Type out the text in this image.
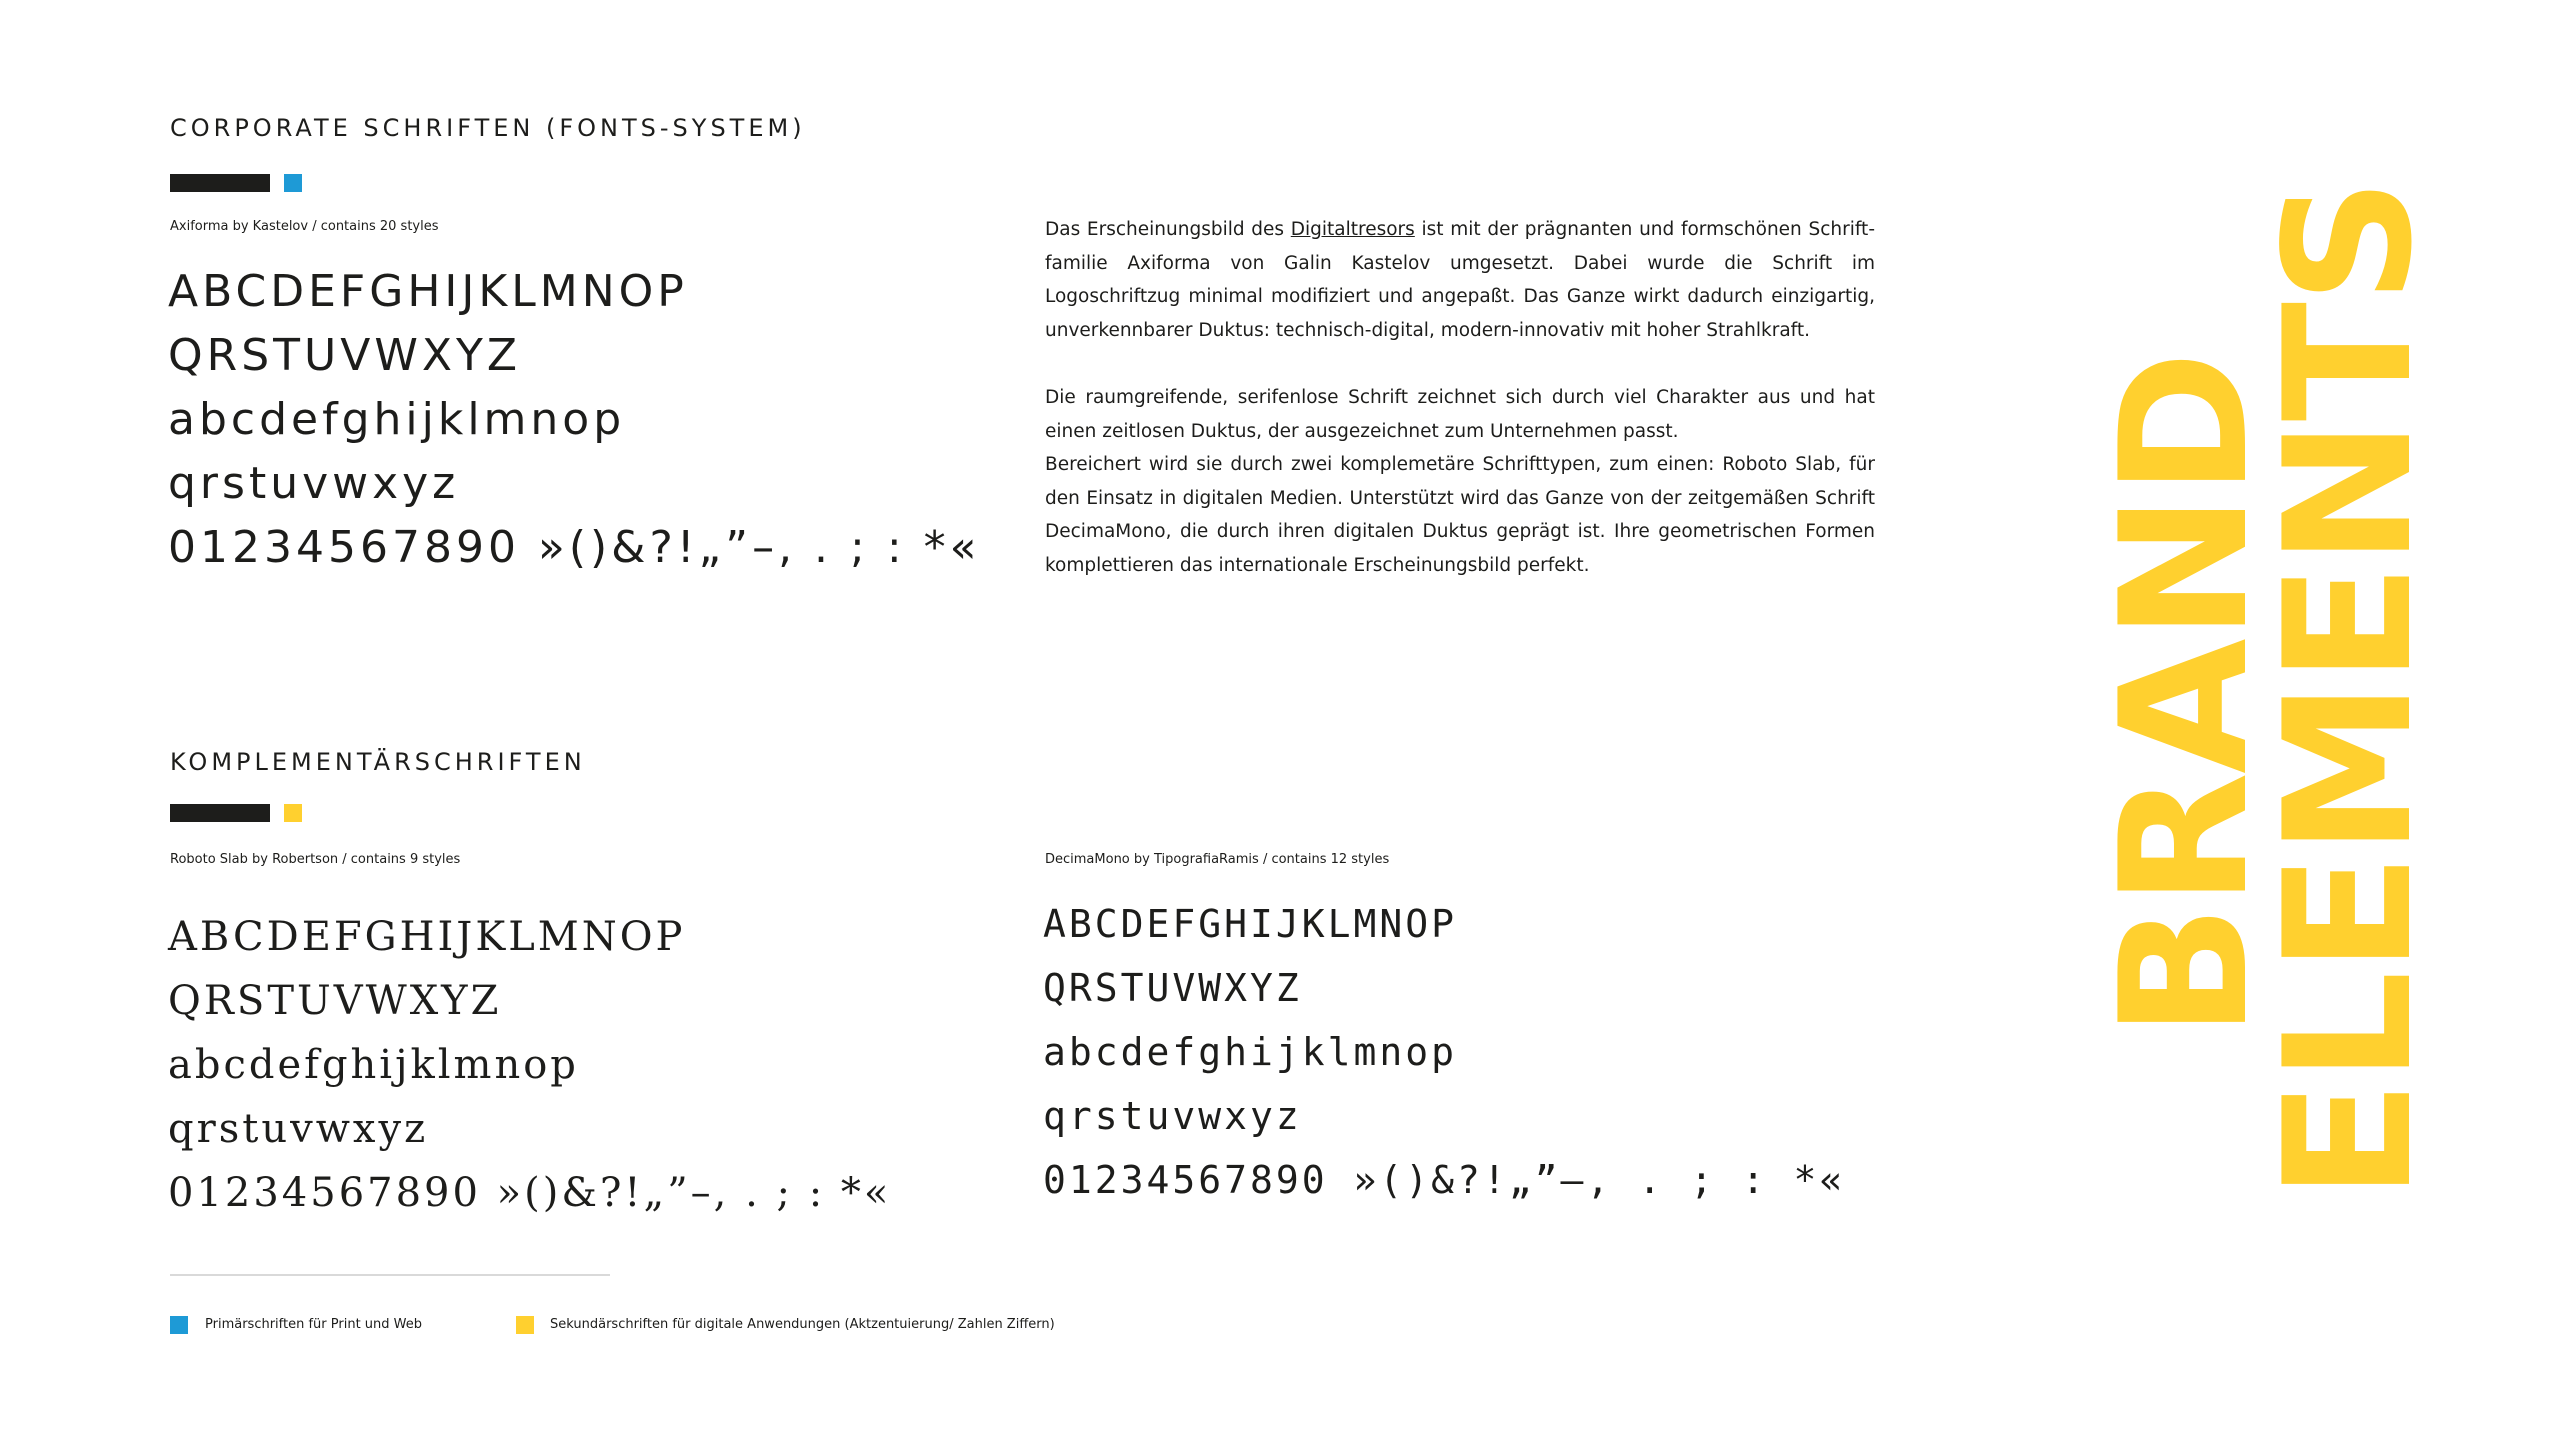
CORPORATE SCHRIFTEN (FONTS-SYSTEM)
Axiforma by Kastelov / contains 20 styles
ABCDEFGHIJKLMNOP
QRSTUVWXYZ
abcdefghijklmnop
qrstuvwxyz
01234567890 »()&?!„”–, . ; : *«

Das Erscheinungsbild des Digitaltresors ist mit der prägnanten und formschönen Schrift-familie Axiforma von Galin Kastelov umgesetzt. Dabei wurde die Schrift im Logoschriftzug minimal modifiziert und angepaßt. Das Ganze wirkt dadurch einzigartig, unverkennbarer Duktus: technisch-digital, modern-innovativ mit hoher Strahlkraft.

Die raumgreifende, serifenlose Schrift zeichnet sich durch viel Charakter aus und hat einen zeitlosen Duktus, der ausgezeichnet zum Unternehmen passt.

Bereichert wird sie durch zwei komplemetäre Schrifttypen, zum einen: Roboto Slab, für den Einsatz in digitalen Medien. Unterstützt wird das Ganze von der zeitgemäßen Schrift DecimaMono, die durch ihren digitalen Duktus geprägt ist. Ihre geometrischen Formen komplettieren das internationale Erscheinungsbild perfekt.

KOMPLEMENTÄRSCHRIFTEN
Roboto Slab by Robertson / contains 9 styles
ABCDEFGHIJKLMNOP
QRSTUVWXYZ
abcdefghijklmnop
qrstuvwxyz
01234567890 »()&?!„”–, . ; : *«
DecimaMono by TipografiaRamis / contains 12 styles
ABCDEFGHIJKLMNOP
QRSTUVWXYZ
abcdefghijklmnop
qrstuvwxyz
01234567890 »()&?!„”–, . ; : *«
Primärschriften für Print und Web	Sekundärschriften für digitale Anwendungen (Aktzentuierung/ Zahlen Ziffern)
BRAND
ELEMENTS
